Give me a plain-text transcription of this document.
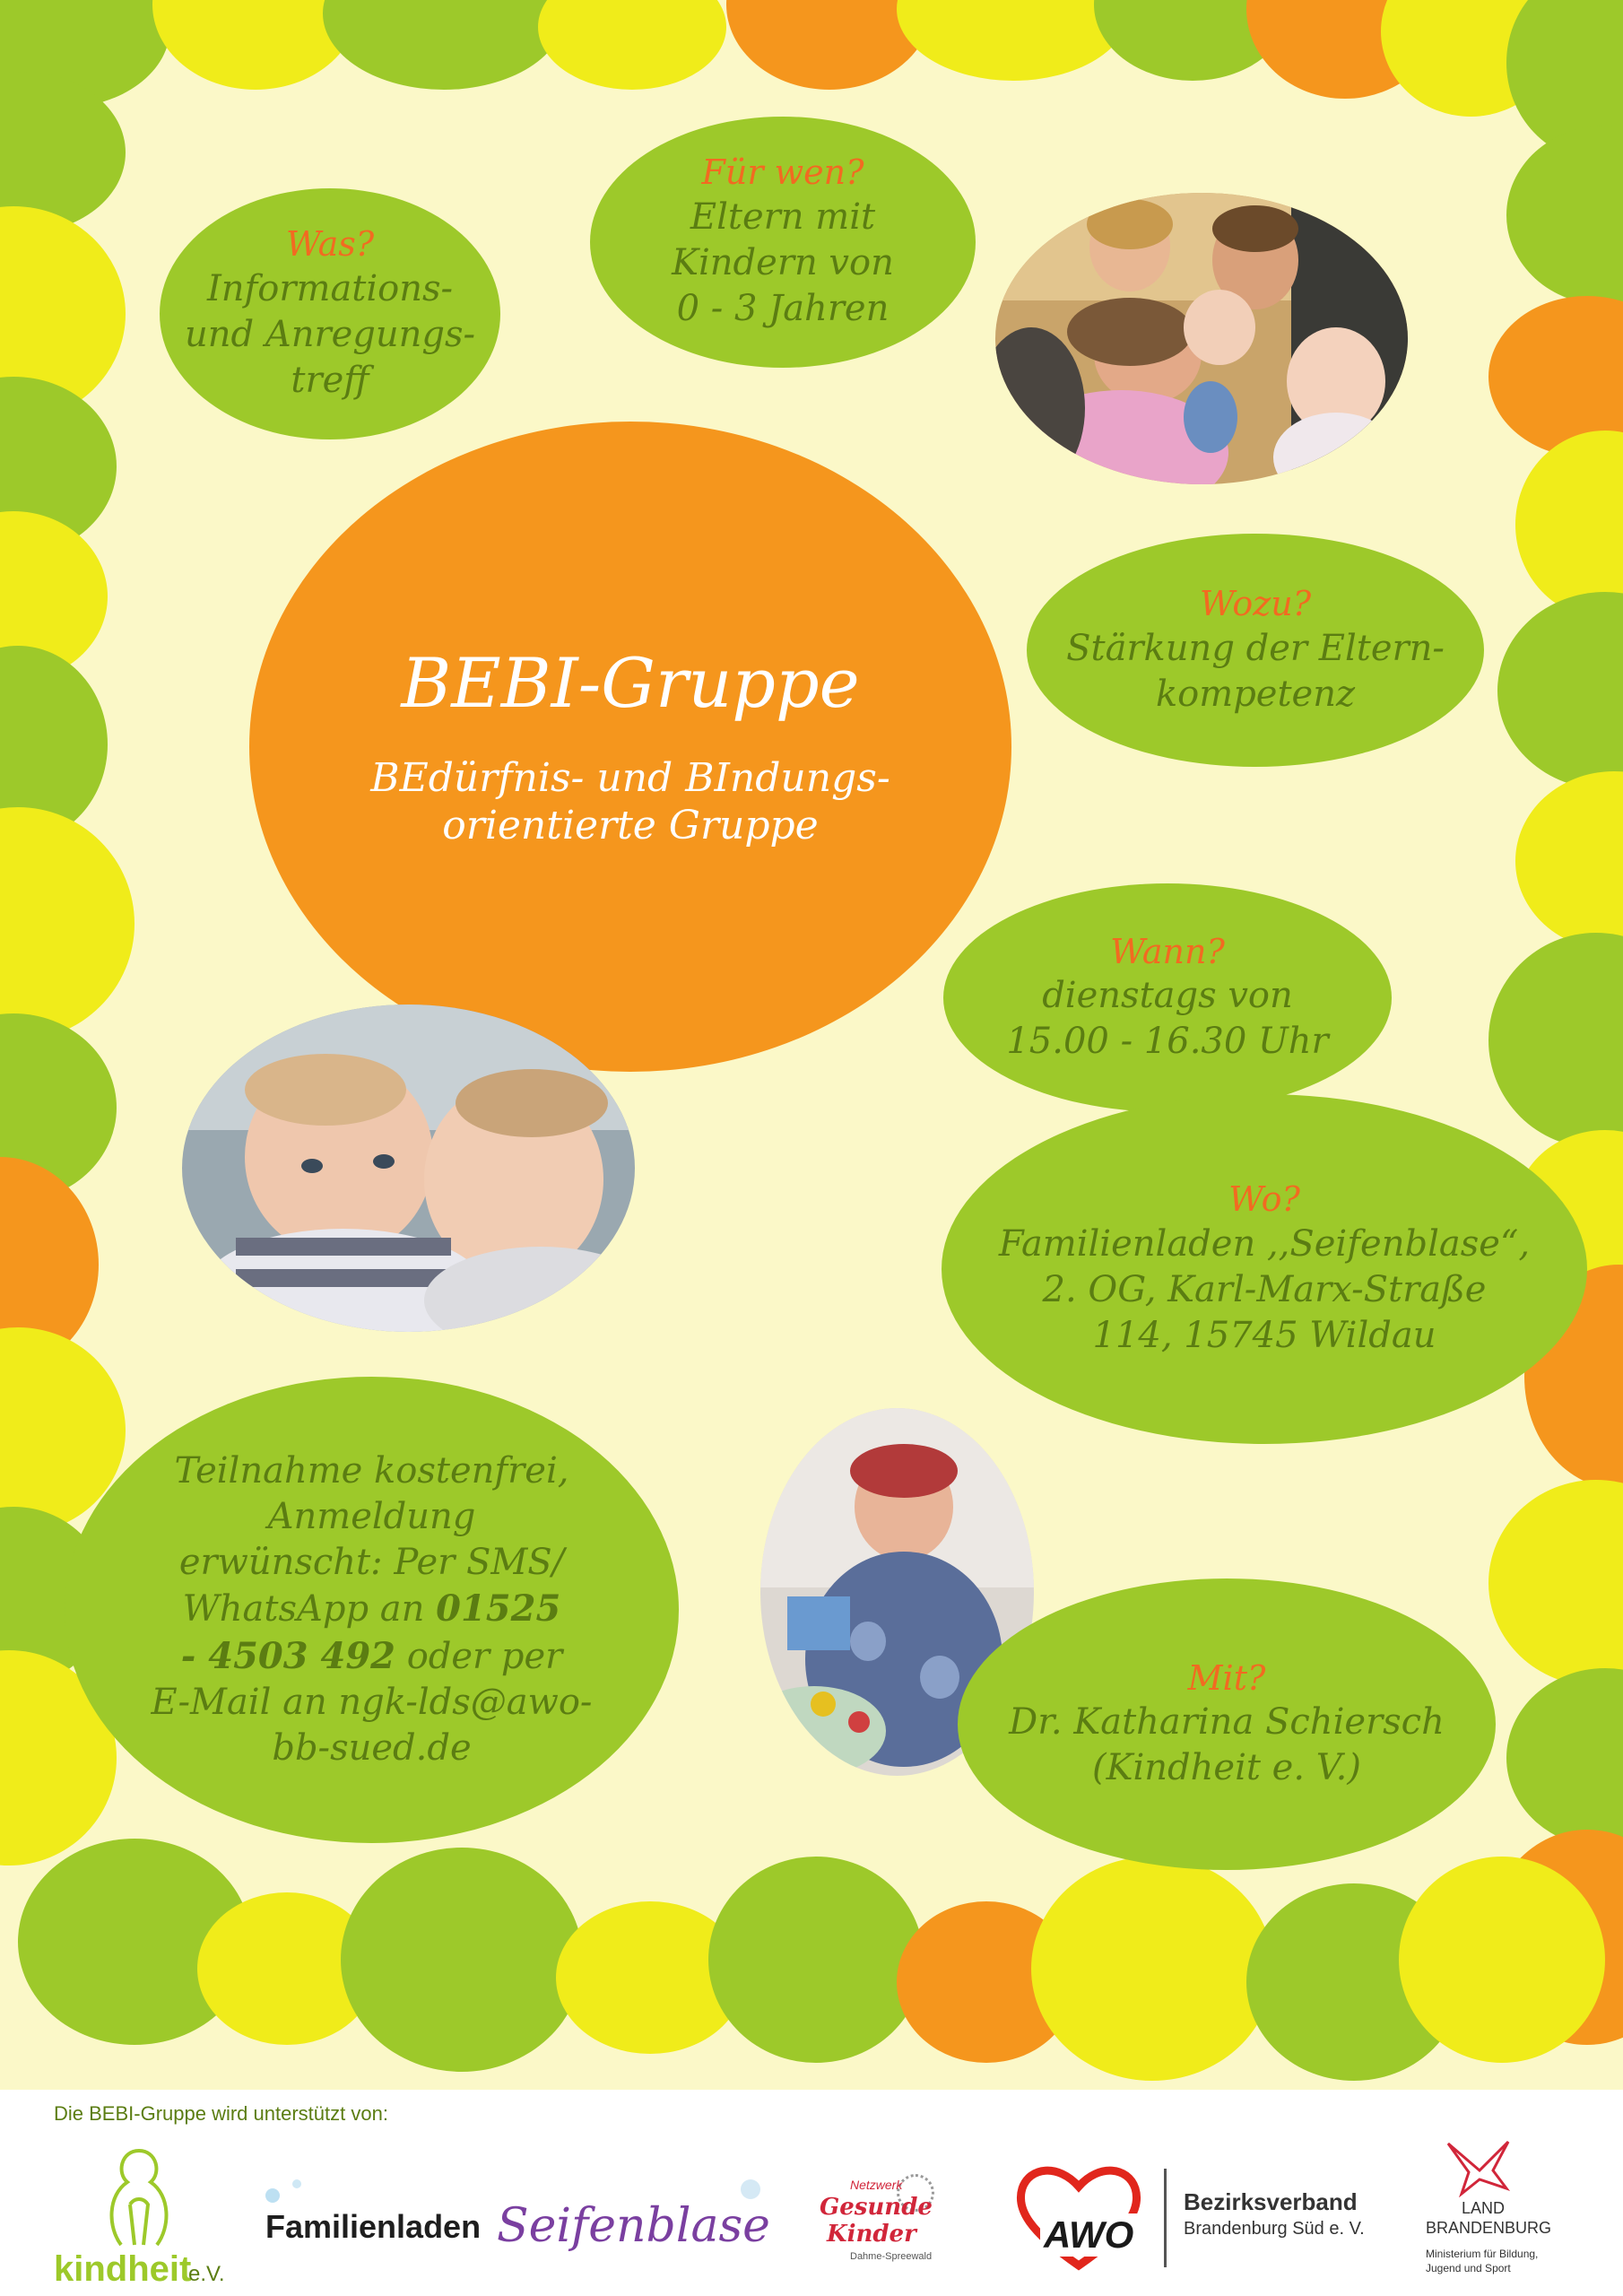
Was?
Informations-
und Anregungs-
treff
Für wen?
Eltern mit
Kindern von
0 - 3 Jahren
BEBI-Gruppe
BEdürfnis- und BIndungs-
orientierte Gruppe
Wozu?
Stärkung der Eltern-
kompetenz
Wann?
dienstags von
15.00 - 16.30 Uhr
Wo?
Familienladen ,,Seifenblase“,
2. OG, Karl-Marx-Straße
114, 15745 Wildau
Teilnahme kostenfrei,
Anmeldung
erwünscht: Per SMS/
WhatsApp an 01525
- 4503 492 oder per
E-Mail an ngk-lds@awo-
bb-sued.de
Mit?
Dr. Katharina Schiersch
(Kindheit e. V.)
Die BEBI-Gruppe wird unterstützt von:
kindheit
e.V.
Familienladen Seifenblase
Netzwerk
Gesunde
Kinder
Dahme-Spreewald
AWO
Bezirksverband
Brandenburg Süd e. V.
LAND
BRANDENBURG
Ministerium für Bildung,
Jugend und Sport
